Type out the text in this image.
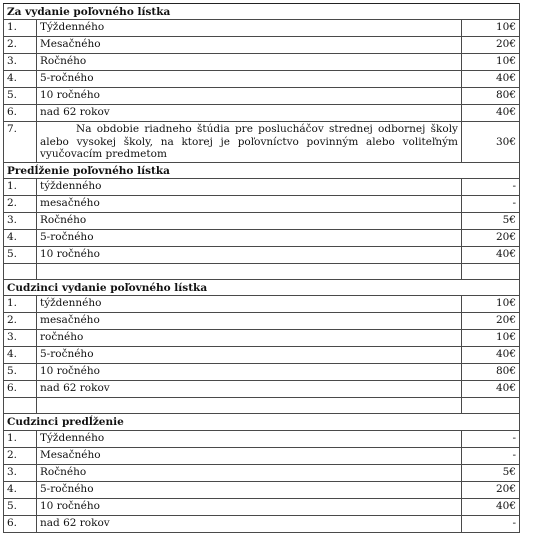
Za vydanie poľovného lístka		
1.	Týždenného	10€
2.	Mesačného	20€
3.	Ročného	10€
4.	5-ročného	40€
5.	10 ročného	80€
6.	nad 62 rokov	40€
7.	Na obdobie riadneho štúdia pre poslucháčov strednej odbornej školy alebo vysokej školy, na ktorej je poľovníctvo povinným alebo voliteľným vyučovacím predmetom	30€
Predĺženie poľovného lístka		
1.	týždenného	-
2.	mesačného	-
3.	Ročného	5€
4.	5-ročného	20€
5.	10 ročného	40€

Cudzinci vydanie poľovného lístka		
1.	týždenného	10€
2.	mesačného	20€
3.	ročného	10€
4.	5-ročného	40€
5.	10 ročného	80€
6.	nad 62 rokov	40€

Cudzinci predĺženie		
1.	Týždenného	-
2.	Mesačného	-
3.	Ročného	5€
4.	5-ročného	20€
5.	10 ročného	40€
6.	nad 62 rokov	-
